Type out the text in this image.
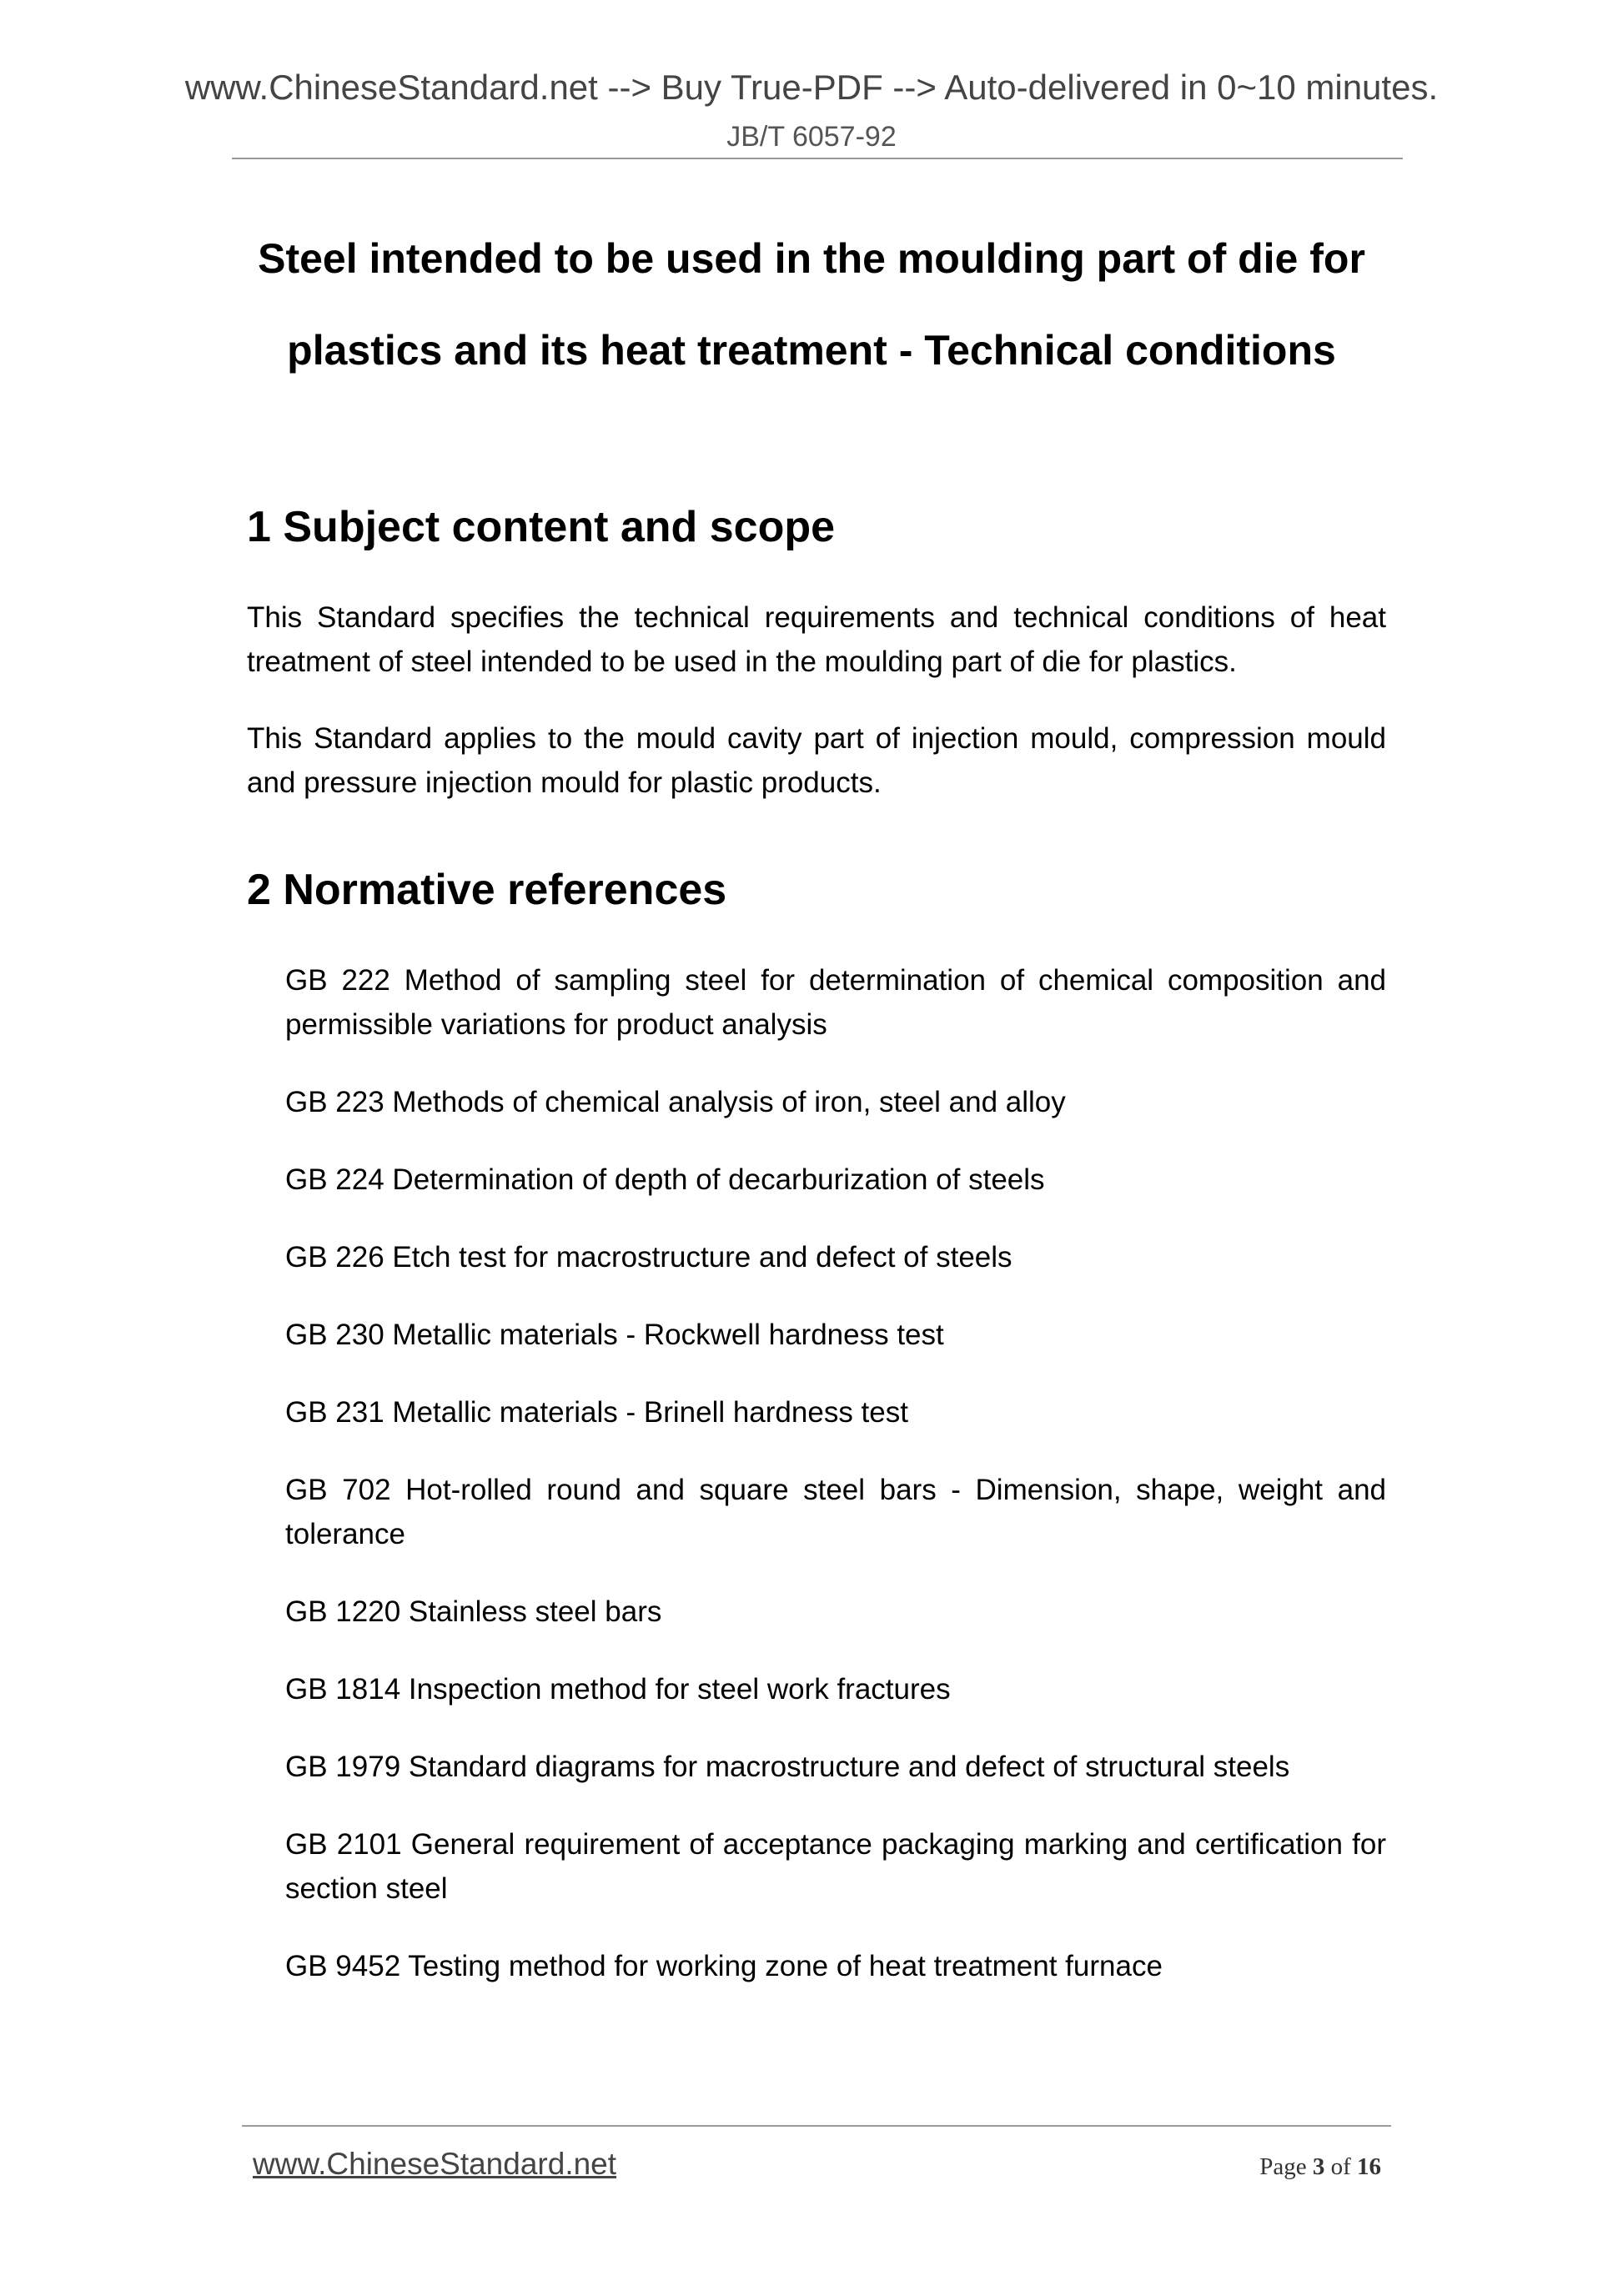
www.ChineseStandard.net --> Buy True-PDF --> Auto-delivered in 0~10 minutes.

JB/T 6057-92

Steel intended to be used in the moulding part of die for
plastics and its heat treatment - Technical conditions
1 Subject content and scope

This Standard specifies the technical requirements and technical conditions of heat treatment of steel intended to be used in the moulding part of die for plastics.

This Standard applies to the mould cavity part of injection mould, compression mould and pressure injection mould for plastic products.

2 Normative references
GB 222 Method of sampling steel for determination of chemical composition and permissible variations for product analysis
GB 223 Methods of chemical analysis of iron, steel and alloy
GB 224 Determination of depth of decarburization of steels
GB 226 Etch test for macrostructure and defect of steels
GB 230 Metallic materials - Rockwell hardness test
GB 231 Metallic materials - Brinell hardness test
GB 702 Hot-rolled round and square steel bars - Dimension, shape, weight and tolerance
GB 1220 Stainless steel bars
GB 1814 Inspection method for steel work fractures
GB 1979 Standard diagrams for macrostructure and defect of structural steels
GB 2101 General requirement of acceptance packaging marking and certification for section steel
GB 9452 Testing method for working zone of heat treatment furnace
www.ChineseStandard.net	Page 3 of 16
